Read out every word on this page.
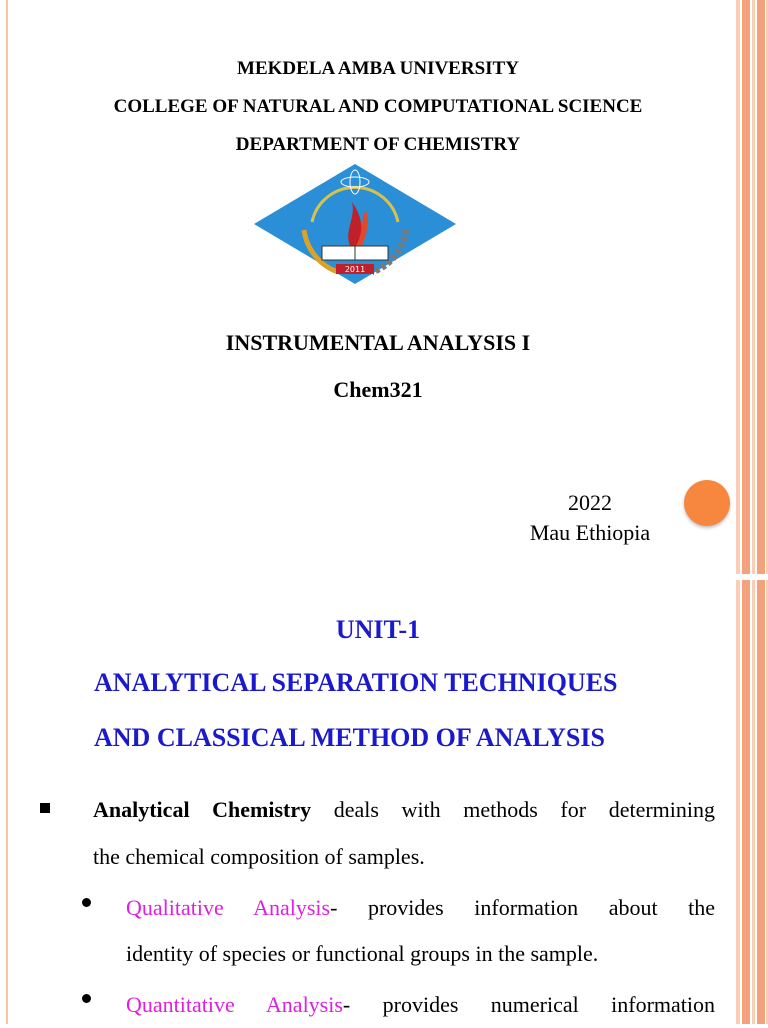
MEKDELA AMBA UNIVERSITY
COLLEGE OF NATURAL AND COMPUTATIONAL SCIENCE
DEPARTMENT OF CHEMISTRY
2011
INSTRUMENTAL ANALYSIS I
Chem321
2022
Mau Ethiopia
UNIT-1
ANALYTICAL SEPARATION TECHNIQUES
AND CLASSICAL METHOD OF ANALYSIS
Analytical Chemistry deals with methods for determining
the chemical composition of samples.
Qualitative Analysis- provides information about the
identity of species or functional groups in the sample.
Quantitative Analysis- provides numerical information
